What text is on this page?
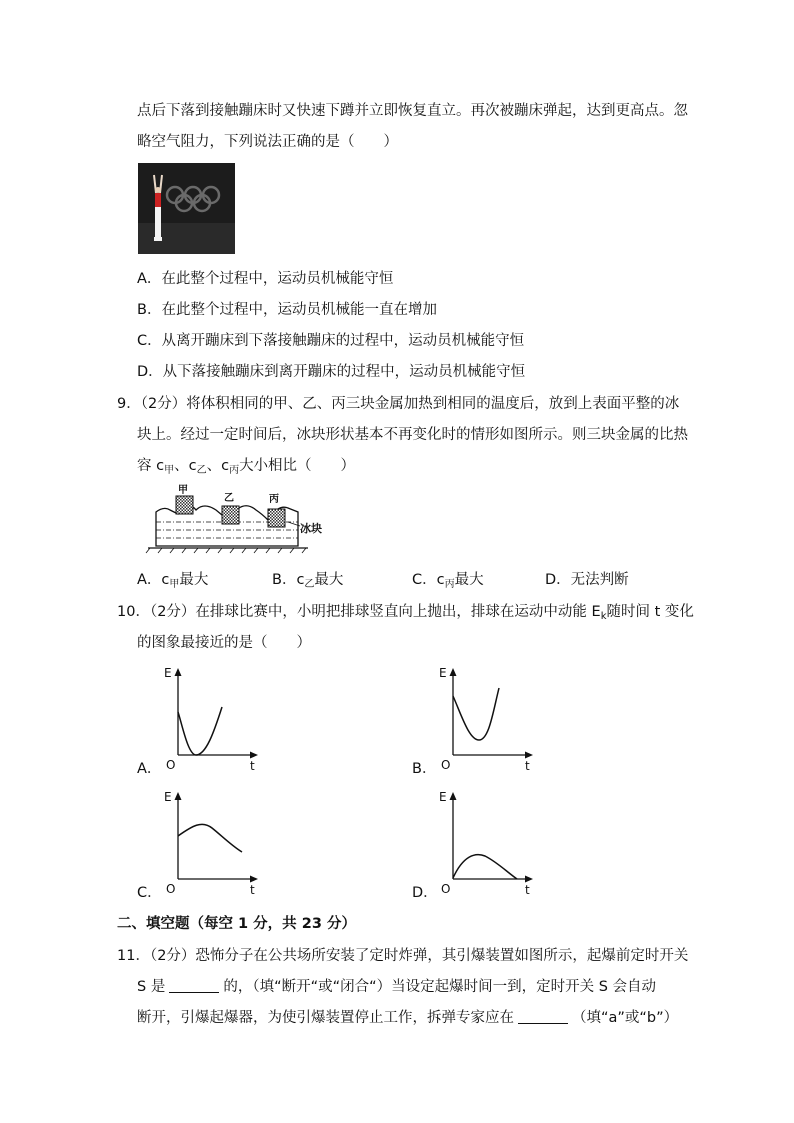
点后下落到接触蹦床时又快速下蹲并立即恢复直立。再次被蹦床弹起，达到更高点。忽
略空气阻力，下列说法正确的是（　　）
A．在此整个过程中，运动员机械能守恒
B．在此整个过程中，运动员机械能一直在增加
C．从离开蹦床到下落接触蹦床的过程中，运动员机械能守恒
D．从下落接触蹦床到离开蹦床的过程中，运动员机械能守恒
9．（2分）将体积相同的甲、乙、丙三块金属加热到相同的温度后，放到上表面平整的冰
块上。经过一定时间后，冰块形状基本不再变化时的情形如图所示。则三块金属的比热
容 $c_甲$、$c_乙$、$c_丙$大小相比（　　）
甲
乙	丙
冰块
A．$c_甲$最大	B．$c_乙$最大	C．$c_丙$最大	D．无法判断
10．（2分）在排球比赛中，小明把排球竖直向上抛出，排球在运动中动能 $E_k$随时间 t 变化
的图象最接近的是（　　）
A．
E
O	t	B．
E
O	t
C．
E
O	t	D．
E
O	t
二、填空题（每空 1 分，共 23 分）
11．（2分）恐怖分子在公共场所安装了定时炸弹，其引爆装置如图所示，起爆前定时开关
S 是	的，（填“断开“或“闭合“）当设定起爆时间一到，定时开关 S 会自动
断开，引爆起爆器，为使引爆装置停止工作，拆弹专家应在	（填“a”或“b”）
